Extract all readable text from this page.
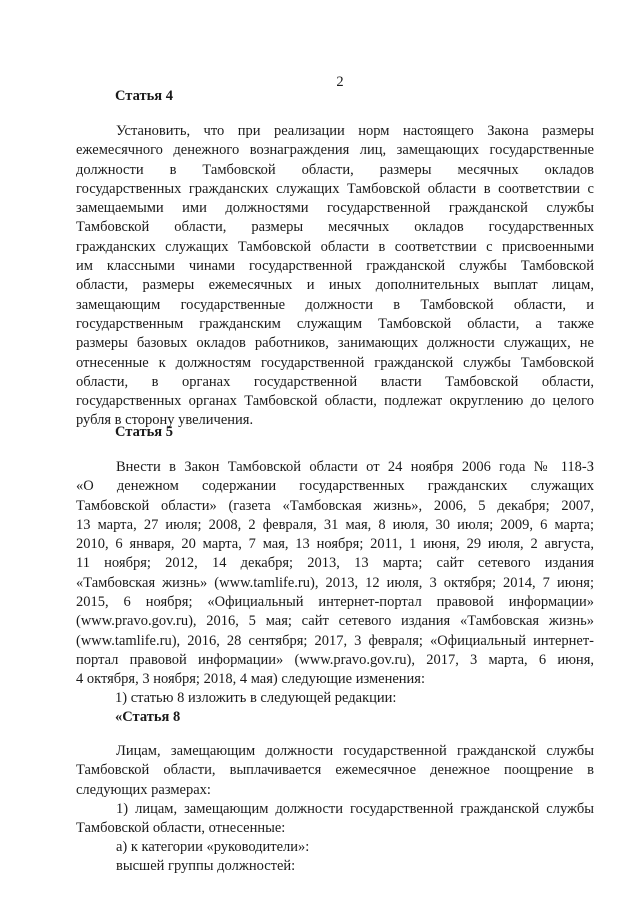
2
Статья 4
Установить, что при реализации норм настоящего Закона размеры
ежемесячного денежного вознаграждения лиц, замещающих государственные
должности в Тамбовской области, размеры месячных окладов
государственных гражданских служащих Тамбовской области в соответствии с
замещаемыми ими должностями государственной гражданской службы
Тамбовской области, размеры месячных окладов государственных
гражданских служащих Тамбовской области в соответствии с присвоенными
им классными чинами государственной гражданской службы Тамбовской
области, размеры ежемесячных и иных дополнительных выплат лицам,
замещающим государственные должности в Тамбовской области, и
государственным гражданским служащим Тамбовской области, а также
размеры базовых окладов работников, занимающих должности служащих, не
отнесенные к должностям государственной гражданской службы Тамбовской
области, в органах государственной власти Тамбовской области,
государственных органах Тамбовской области, подлежат округлению до целого
рубля в сторону увеличения.
Статья 5
Внести в Закон Тамбовской области от 24 ноября 2006 года № 118-З
«О денежном содержании государственных гражданских служащих
Тамбовской области» (газета «Тамбовская жизнь», 2006, 5 декабря; 2007,
13 марта, 27 июля; 2008, 2 февраля, 31 мая, 8 июля, 30 июля; 2009, 6 марта;
2010, 6 января, 20 марта, 7 мая, 13 ноября; 2011, 1 июня, 29 июля, 2 августа,
11 ноября; 2012, 14 декабря; 2013, 13 марта; сайт сетевого издания
«Тамбовская жизнь» (www.tamlife.ru), 2013, 12 июля, 3 октября; 2014, 7 июня;
2015, 6 ноября; «Официальный интернет-портал правовой информации»
(www.pravo.gov.ru), 2016, 5 мая; сайт сетевого издания «Тамбовская жизнь»
(www.tamlife.ru), 2016, 28 сентября; 2017, 3 февраля; «Официальный интернет-
портал правовой информации» (www.pravo.gov.ru), 2017, 3 марта, 6 июня,
4 октября, 3 ноября; 2018, 4 мая) следующие изменения:
1) статью 8 изложить в следующей редакции:
«Статья 8
Лицам, замещающим должности государственной гражданской службы
Тамбовской области, выплачивается ежемесячное денежное поощрение в
следующих размерах:
1) лицам, замещающим должности государственной гражданской службы
Тамбовской области, отнесенные:
а) к категории «руководители»:
высшей группы должностей:
